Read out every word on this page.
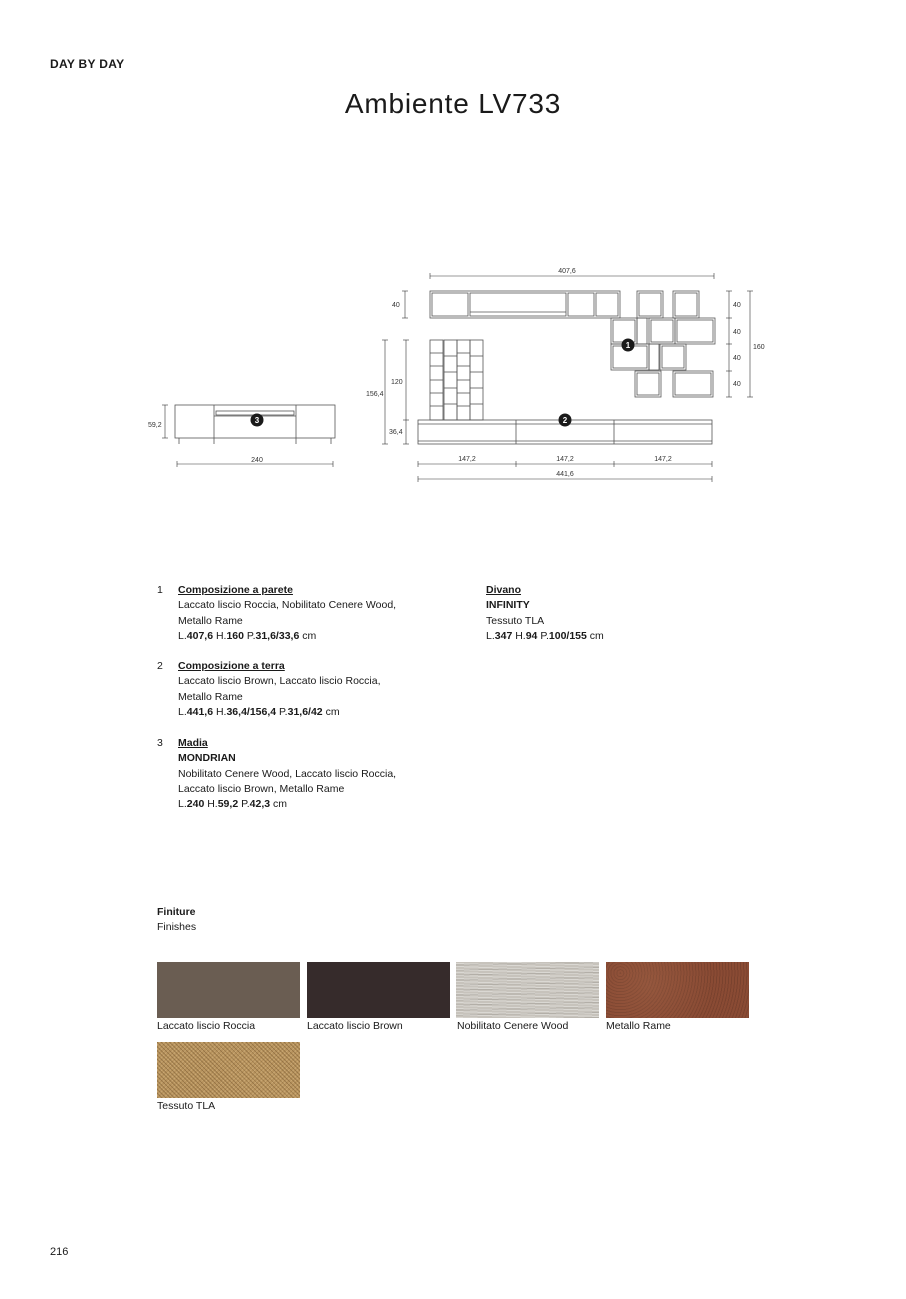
DAY BY DAY
Ambiente LV733
407,6
40	40
40
40
40
160
120
156,4
36,4
147,2	147,2	147,2
441,6
59,2
240
1
2
3
1	Composizione a parete
Laccato liscio Roccia, Nobilitato Cenere Wood,
Metallo Rame
L.407,6 H.160 P.31,6/33,6 cm
2	Composizione a terra
Laccato liscio Brown, Laccato liscio Roccia,
Metallo Rame
L.441,6 H.36,4/156,4 P.31,6/42 cm
3	Madia
MONDRIAN
Nobilitato Cenere Wood, Laccato liscio Roccia,
Laccato liscio Brown, Metallo Rame
L.240 H.59,2 P.42,3 cm
Divano
INFINITY
Tessuto TLA
L.347 H.94 P.100/155 cm
Finiture
Finishes
Laccato liscio Roccia	Laccato liscio Brown	Nobilitato Cenere Wood	Metallo Rame
Tessuto TLA
216
